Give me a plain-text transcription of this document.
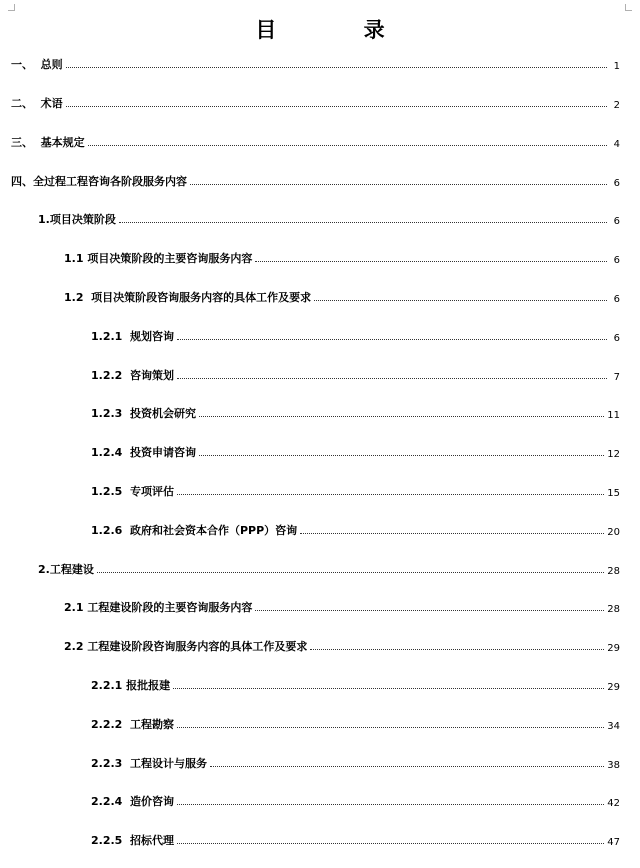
目 录
一、  总则	1
二、  术语	2
三、  基本规定	4
四、全过程工程咨询各阶段服务内容	6
1.项目决策阶段	6
1.1 项目决策阶段的主要咨询服务内容	6
1.2  项目决策阶段咨询服务内容的具体工作及要求	6
1.2.1  规划咨询	6
1.2.2  咨询策划	7
1.2.3  投资机会研究	11
1.2.4  投资申请咨询	12
1.2.5  专项评估	15
1.2.6  政府和社会资本合作（PPP）咨询	20
2.工程建设	28
2.1 工程建设阶段的主要咨询服务内容	28
2.2 工程建设阶段咨询服务内容的具体工作及要求	29
2.2.1 报批报建	29
2.2.2  工程勘察	34
2.2.3  工程设计与服务	38
2.2.4  造价咨询	42
2.2.5  招标代理	47
